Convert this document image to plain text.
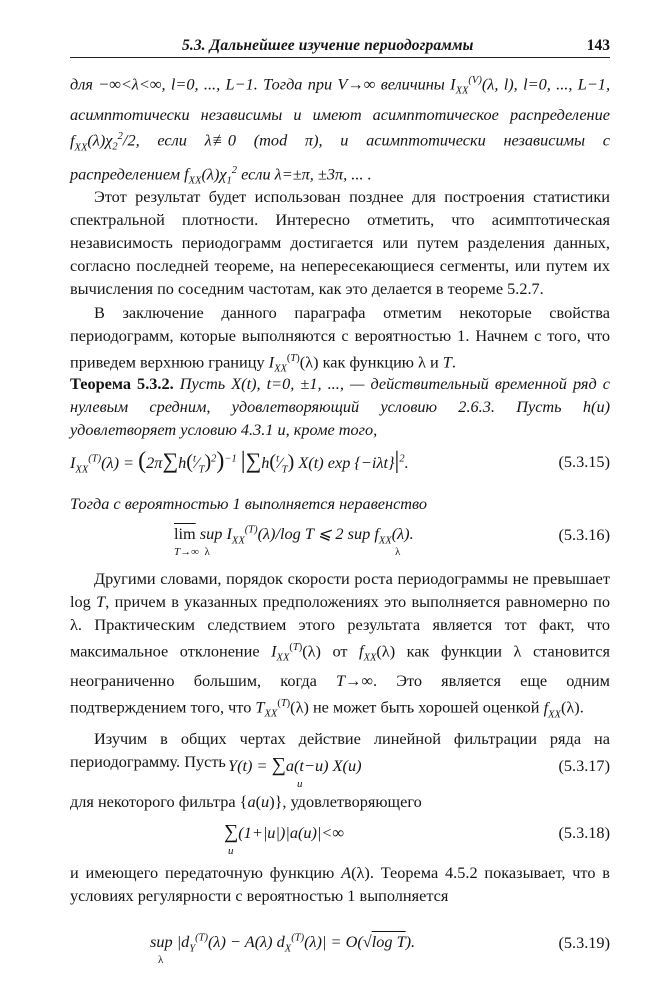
5.3. Дальнейшее изучение периодограммы	143
для −∞<λ<∞, l=0, ..., L−1. Тогда при V→∞ величины $I_{XX}^{(V)}(\lambda$, l), l=0, ..., L−1, асимптотически независимы и имеют асимптотическое распределение $f_{XX}(\lambda)\chi_2^2/2$, если λ≢0 (mod π), и асимптотически независимы с распределением $f_{XX}(\lambda)\chi_1^2$ если λ=±π, ±3π, ... .
Этот результат будет использован позднее для построения статистики спектральной плотности. Интересно отметить, что асимптотическая независимость периодограмм достигается или путем разделения данных, согласно последней теореме, на непересекающиеся сегменты, или путем их вычисления по соседним частотам, как это делается в теореме 5.2.7.
В заключение данного параграфа отметим некоторые свойства периодограмм, которые выполняются с вероятностью 1. Начнем с того, что приведем верхнюю границу $I_{XX}^{(T)}(\lambda)$ как функцию λ и T.
Теорема 5.3.2. Пусть X(t), t=0, ±1, ..., — действительный временной ряд с нулевым средним, удовлетворяющий условию 2.6.3. Пусть h(u) удовлетворяет условию 4.3.1 и, кроме того,
$I_{XX}^{(T)}(\lambda)$ = $(2\pi\sum h(^t⁄_T)^2)^{-1}$ $|\sum h(^t⁄_T)$ X(t) $\exp \{-i\lambda t\}|^2$.	(5.3.15)
Тогда с вероятностью 1 выполняется неравенство
$\overline{lim}$ sup $I_{XX}^{(T)}(\lambda)/\log$ T ⩽ 2 sup $f_{XX}(\lambda)$.
T→∞  λ	λ
(5.3.16)
Другими словами, порядок скорости роста периодограммы не превышает log T, причем в указанных предположениях это выполняется равномерно по λ. Практическим следствием этого результата является тот факт, что максимальное отклонение $I_{XX}^{(T)}(\lambda)$ от $f_{XX}(\lambda)$ как функции λ становится неограниченно большим, когда T→∞. Это является еще одним подтверждением того, что $T_{XX}^{(T)}(\lambda)$ не может быть хорошей оценкой $f_{XX}(\lambda)$.
Изучим в общих чертах действие линейной фильтрации ряда на периодограмму. Пусть Y(t) = ∑a(t−u) X(u)
u
(5.3.17)
для некоторого фильтра {a(u)}, удовлетворяющего
∑(1+|u|)|a(u)|<∞
u
(5.3.18)
и имеющего передаточную функцию A(λ). Теорема 4.5.2 показывает, что в условиях регулярности с вероятностью 1 выполняется
sup $|d_Y^{(T)}(\lambda) - A(\lambda) d_X^{(T)}(\lambda)| = O(√\log$ T).
λ
(5.3.19)
